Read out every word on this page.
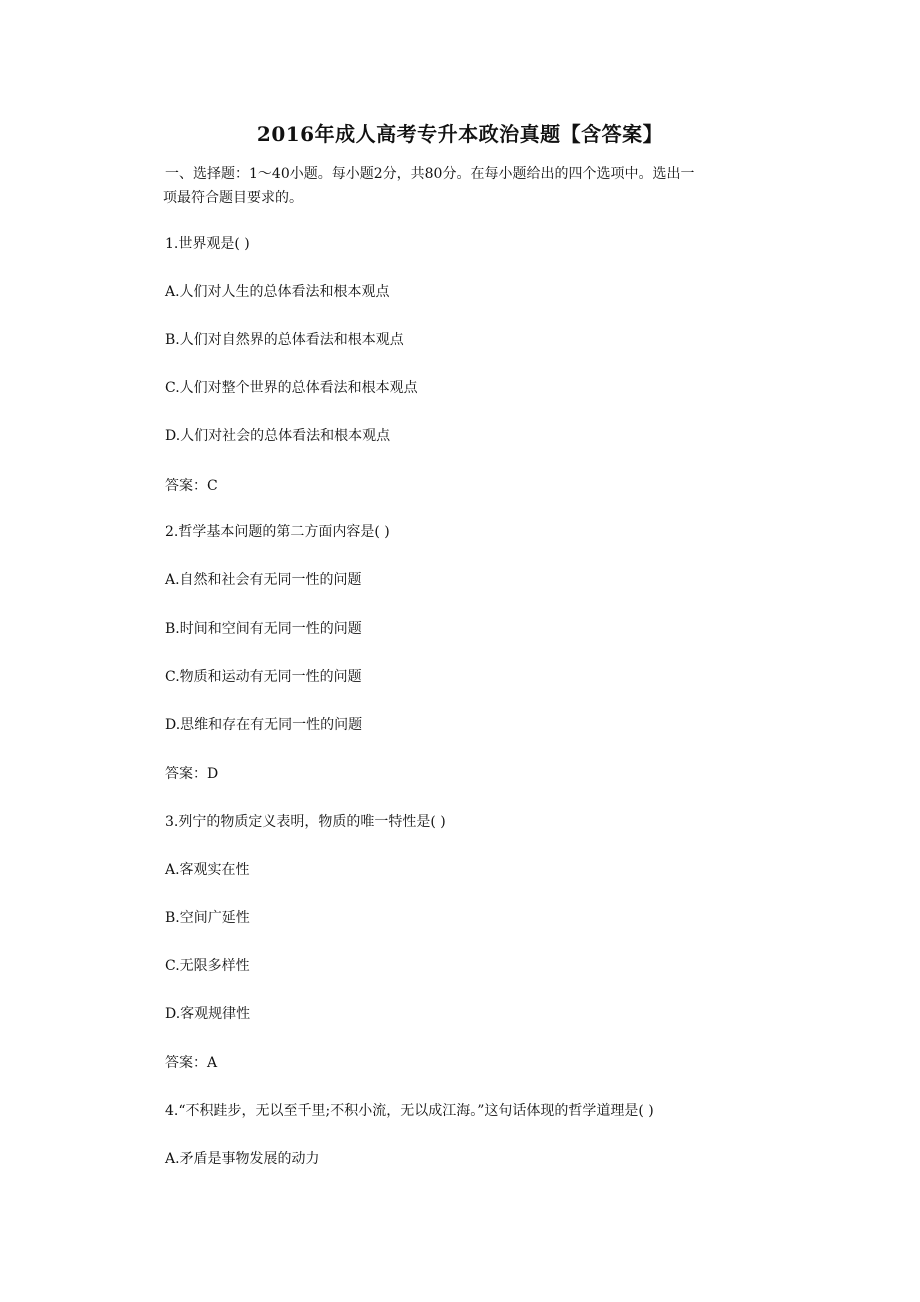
2016年成人高考专升本政治真题【含答案】
一、选择题：1～40小题。每小题2分，共80分。在每小题给出的四个选项中。选出一
项最符合题目要求的。
1.世界观是( )
A.人们对人生的总体看法和根本观点
B.人们对自然界的总体看法和根本观点
C.人们对整个世界的总体看法和根本观点
D.人们对社会的总体看法和根本观点
答案：C
2.哲学基本问题的第二方面内容是( )
A.自然和社会有无同一性的问题
B.时间和空间有无同一性的问题
C.物质和运动有无同一性的问题
D.思维和存在有无同一性的问题
答案：D
3.列宁的物质定义表明，物质的唯一特性是( )
A.客观实在性
B.空间广延性
C.无限多样性
D.客观规律性
答案：A
4.“不积跬步，无以至千里;不积小流，无以成江海。”这句话体现的哲学道理是( )
A.矛盾是事物发展的动力
